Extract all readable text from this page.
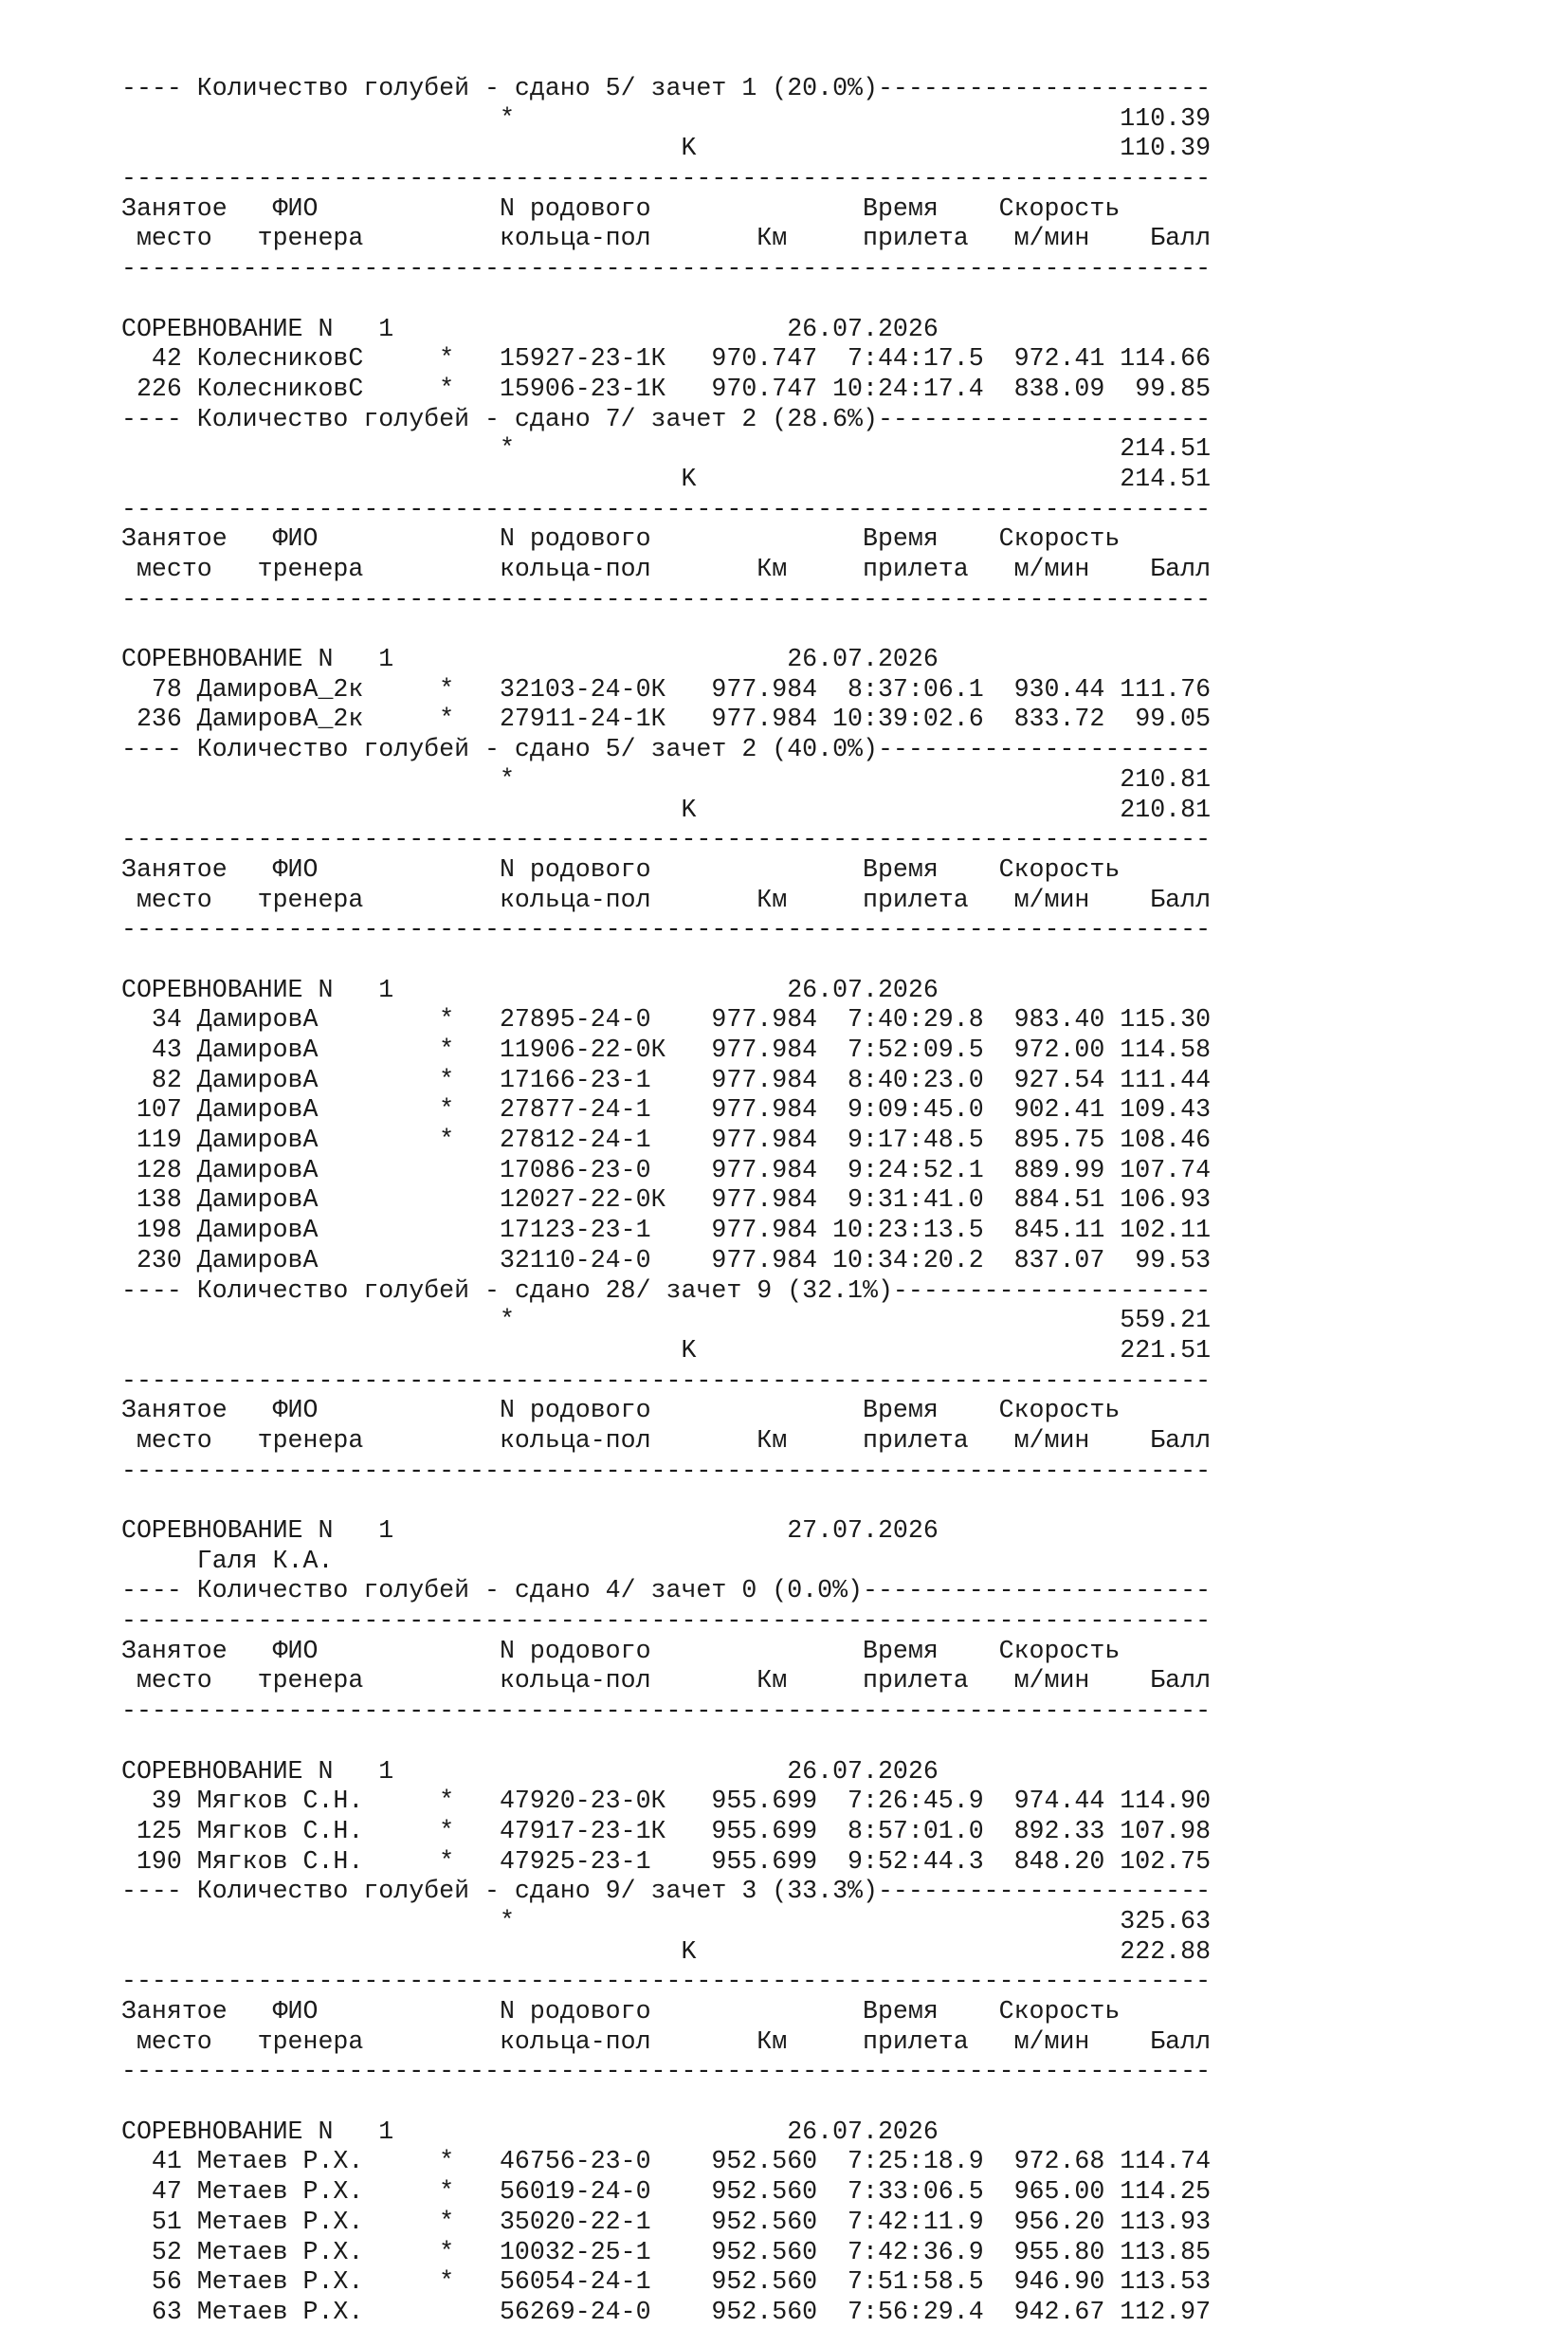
---- Количество голубей - сдано 5/ зачет 1 (20.0%)----------------------
*                                        110.39
K                            110.39
------------------------------------------------------------------------
Занятое   ФИО            N родового              Время    Скорость
место   тренера         кольца-пол       Км     прилета   м/мин    Балл
------------------------------------------------------------------------
СОРЕВНОВАНИЕ N   1                          26.07.2026
42 КолесниковС     *   15927-23-1К   970.747  7:44:17.5  972.41 114.66
226 КолесниковС     *   15906-23-1К   970.747 10:24:17.4  838.09  99.85
---- Количество голубей - сдано 7/ зачет 2 (28.6%)----------------------
*                                        214.51
K                            214.51
------------------------------------------------------------------------
Занятое   ФИО            N родового              Время    Скорость
место   тренера         кольца-пол       Км     прилета   м/мин    Балл
------------------------------------------------------------------------
СОРЕВНОВАНИЕ N   1                          26.07.2026
78 ДамировА_2к     *   32103-24-0К   977.984  8:37:06.1  930.44 111.76
236 ДамировА_2к     *   27911-24-1К   977.984 10:39:02.6  833.72  99.05
---- Количество голубей - сдано 5/ зачет 2 (40.0%)----------------------
*                                        210.81
K                            210.81
------------------------------------------------------------------------
Занятое   ФИО            N родового              Время    Скорость
место   тренера         кольца-пол       Км     прилета   м/мин    Балл
------------------------------------------------------------------------
СОРЕВНОВАНИЕ N   1                          26.07.2026
34 ДамировА        *   27895-24-0    977.984  7:40:29.8  983.40 115.30
43 ДамировА        *   11906-22-0К   977.984  7:52:09.5  972.00 114.58
82 ДамировА        *   17166-23-1    977.984  8:40:23.0  927.54 111.44
107 ДамировА        *   27877-24-1    977.984  9:09:45.0  902.41 109.43
119 ДамировА        *   27812-24-1    977.984  9:17:48.5  895.75 108.46
128 ДамировА            17086-23-0    977.984  9:24:52.1  889.99 107.74
138 ДамировА            12027-22-0К   977.984  9:31:41.0  884.51 106.93
198 ДамировА            17123-23-1    977.984 10:23:13.5  845.11 102.11
230 ДамировА            32110-24-0    977.984 10:34:20.2  837.07  99.53
---- Количество голубей - сдано 28/ зачет 9 (32.1%)---------------------
*                                        559.21
K                            221.51
------------------------------------------------------------------------
Занятое   ФИО            N родового              Время    Скорость
место   тренера         кольца-пол       Км     прилета   м/мин    Балл
------------------------------------------------------------------------
СОРЕВНОВАНИЕ N   1                          27.07.2026
Галя К.А.
---- Количество голубей - сдано 4/ зачет 0 (0.0%)-----------------------
------------------------------------------------------------------------
Занятое   ФИО            N родового              Время    Скорость
место   тренера         кольца-пол       Км     прилета   м/мин    Балл
------------------------------------------------------------------------
СОРЕВНОВАНИЕ N   1                          26.07.2026
39 Мягков С.Н.     *   47920-23-0К   955.699  7:26:45.9  974.44 114.90
125 Мягков С.Н.     *   47917-23-1К   955.699  8:57:01.0  892.33 107.98
190 Мягков С.Н.     *   47925-23-1    955.699  9:52:44.3  848.20 102.75
---- Количество голубей - сдано 9/ зачет 3 (33.3%)----------------------
*                                        325.63
K                            222.88
------------------------------------------------------------------------
Занятое   ФИО            N родового              Время    Скорость
место   тренера         кольца-пол       Км     прилета   м/мин    Балл
------------------------------------------------------------------------
СОРЕВНОВАНИЕ N   1                          26.07.2026
41 Метаев Р.Х.     *   46756-23-0    952.560  7:25:18.9  972.68 114.74
47 Метаев Р.Х.     *   56019-24-0    952.560  7:33:06.5  965.00 114.25
51 Метаев Р.Х.     *   35020-22-1    952.560  7:42:11.9  956.20 113.93
52 Метаев Р.Х.     *   10032-25-1    952.560  7:42:36.9  955.80 113.85
56 Метаев Р.Х.     *   56054-24-1    952.560  7:51:58.5  946.90 113.53
63 Метаев Р.Х.         56269-24-0    952.560  7:56:29.4  942.67 112.97
